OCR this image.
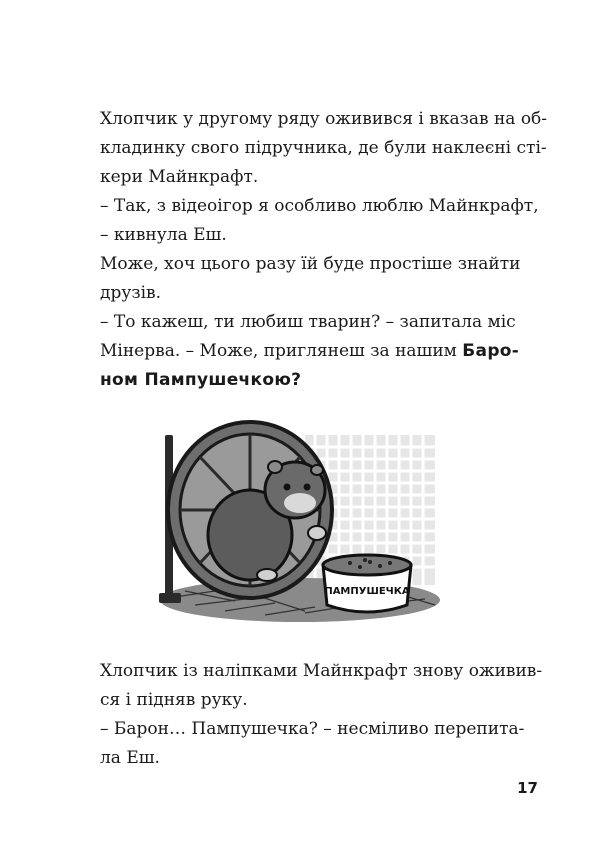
Хлопчик у другому ряду оживився і вказав на об-
кладинку свого підручника, де були наклеєні сті-
кери Майнкрафт.

– Так, з відеоігор я особливо люблю Майнкрафт,
– кивнула Еш.

Може, хоч цього разу їй буде простіше знайти
друзів.

– То кажеш, ти любиш тварин? – запитала міс
Мінерва. – Може, приглянеш за нашим Баро-
ном Пампушечкою?

ПАМПУШЕЧКА

Хлопчик із наліпками Майнкрафт знову оживив-
ся і підняв руку.

– Барон… Пампушечка? – несміливо перепита-
ла Еш.

17
